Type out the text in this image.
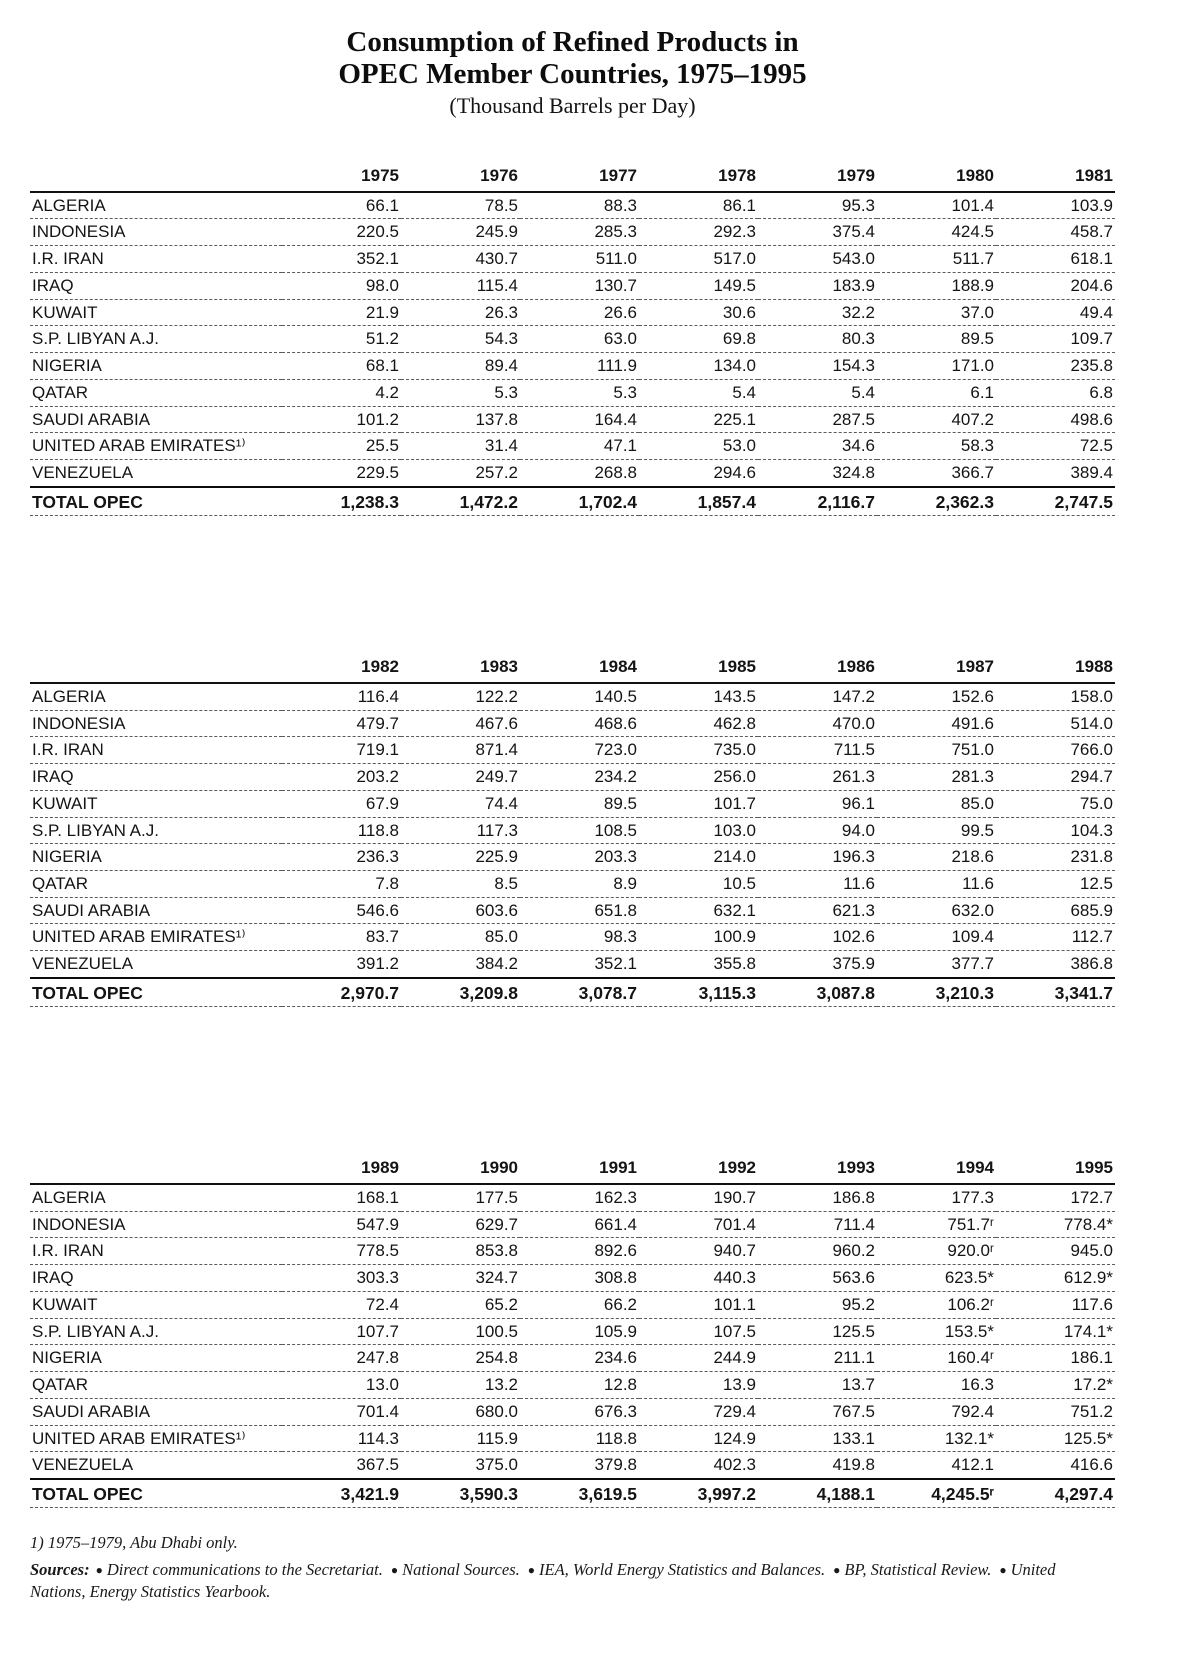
Consumption of Refined Products in
OPEC Member Countries, 1975–1995
(Thousand Barrels per Day)
	1975	1976	1977	1978	1979	1980	1981
ALGERIA	66.1	78.5	88.3	86.1	95.3	101.4	103.9
INDONESIA	220.5	245.9	285.3	292.3	375.4	424.5	458.7
I.R. IRAN	352.1	430.7	511.0	517.0	543.0	511.7	618.1
IRAQ	98.0	115.4	130.7	149.5	183.9	188.9	204.6
KUWAIT	21.9	26.3	26.6	30.6	32.2	37.0	49.4
S.P. LIBYAN A.J.	51.2	54.3	63.0	69.8	80.3	89.5	109.7
NIGERIA	68.1	89.4	111.9	134.0	154.3	171.0	235.8
QATAR	4.2	5.3	5.3	5.4	5.4	6.1	6.8
SAUDI ARABIA	101.2	137.8	164.4	225.1	287.5	407.2	498.6
UNITED ARAB EMIRATES¹⁾	25.5	31.4	47.1	53.0	34.6	58.3	72.5
VENEZUELA	229.5	257.2	268.8	294.6	324.8	366.7	389.4
TOTAL OPEC	1,238.3	1,472.2	1,702.4	1,857.4	2,116.7	2,362.3	2,747.5
	1982	1983	1984	1985	1986	1987	1988
ALGERIA	116.4	122.2	140.5	143.5	147.2	152.6	158.0
INDONESIA	479.7	467.6	468.6	462.8	470.0	491.6	514.0
I.R. IRAN	719.1	871.4	723.0	735.0	711.5	751.0	766.0
IRAQ	203.2	249.7	234.2	256.0	261.3	281.3	294.7
KUWAIT	67.9	74.4	89.5	101.7	96.1	85.0	75.0
S.P. LIBYAN A.J.	118.8	117.3	108.5	103.0	94.0	99.5	104.3
NIGERIA	236.3	225.9	203.3	214.0	196.3	218.6	231.8
QATAR	7.8	8.5	8.9	10.5	11.6	11.6	12.5
SAUDI ARABIA	546.6	603.6	651.8	632.1	621.3	632.0	685.9
UNITED ARAB EMIRATES¹⁾	83.7	85.0	98.3	100.9	102.6	109.4	112.7
VENEZUELA	391.2	384.2	352.1	355.8	375.9	377.7	386.8
TOTAL OPEC	2,970.7	3,209.8	3,078.7	3,115.3	3,087.8	3,210.3	3,341.7
	1989	1990	1991	1992	1993	1994	1995
ALGERIA	168.1	177.5	162.3	190.7	186.8	177.3	172.7
INDONESIA	547.9	629.7	661.4	701.4	711.4	751.7ʳ	778.4*
I.R. IRAN	778.5	853.8	892.6	940.7	960.2	920.0ʳ	945.0
IRAQ	303.3	324.7	308.8	440.3	563.6	623.5*	612.9*
KUWAIT	72.4	65.2	66.2	101.1	95.2	106.2ʳ	117.6
S.P. LIBYAN A.J.	107.7	100.5	105.9	107.5	125.5	153.5*	174.1*
NIGERIA	247.8	254.8	234.6	244.9	211.1	160.4ʳ	186.1
QATAR	13.0	13.2	12.8	13.9	13.7	16.3	17.2*
SAUDI ARABIA	701.4	680.0	676.3	729.4	767.5	792.4	751.2
UNITED ARAB EMIRATES¹⁾	114.3	115.9	118.8	124.9	133.1	132.1*	125.5*
VENEZUELA	367.5	375.0	379.8	402.3	419.8	412.1	416.6
TOTAL OPEC	3,421.9	3,590.3	3,619.5	3,997.2	4,188.1	4,245.5ʳ	4,297.4
1) 1975–1979, Abu Dhabi only.
Sources: ● Direct communications to the Secretariat. ● National Sources. ● IEA, World Energy Statistics and Balances. ● BP, Statistical Review. ● United Nations, Energy Statistics Yearbook.
